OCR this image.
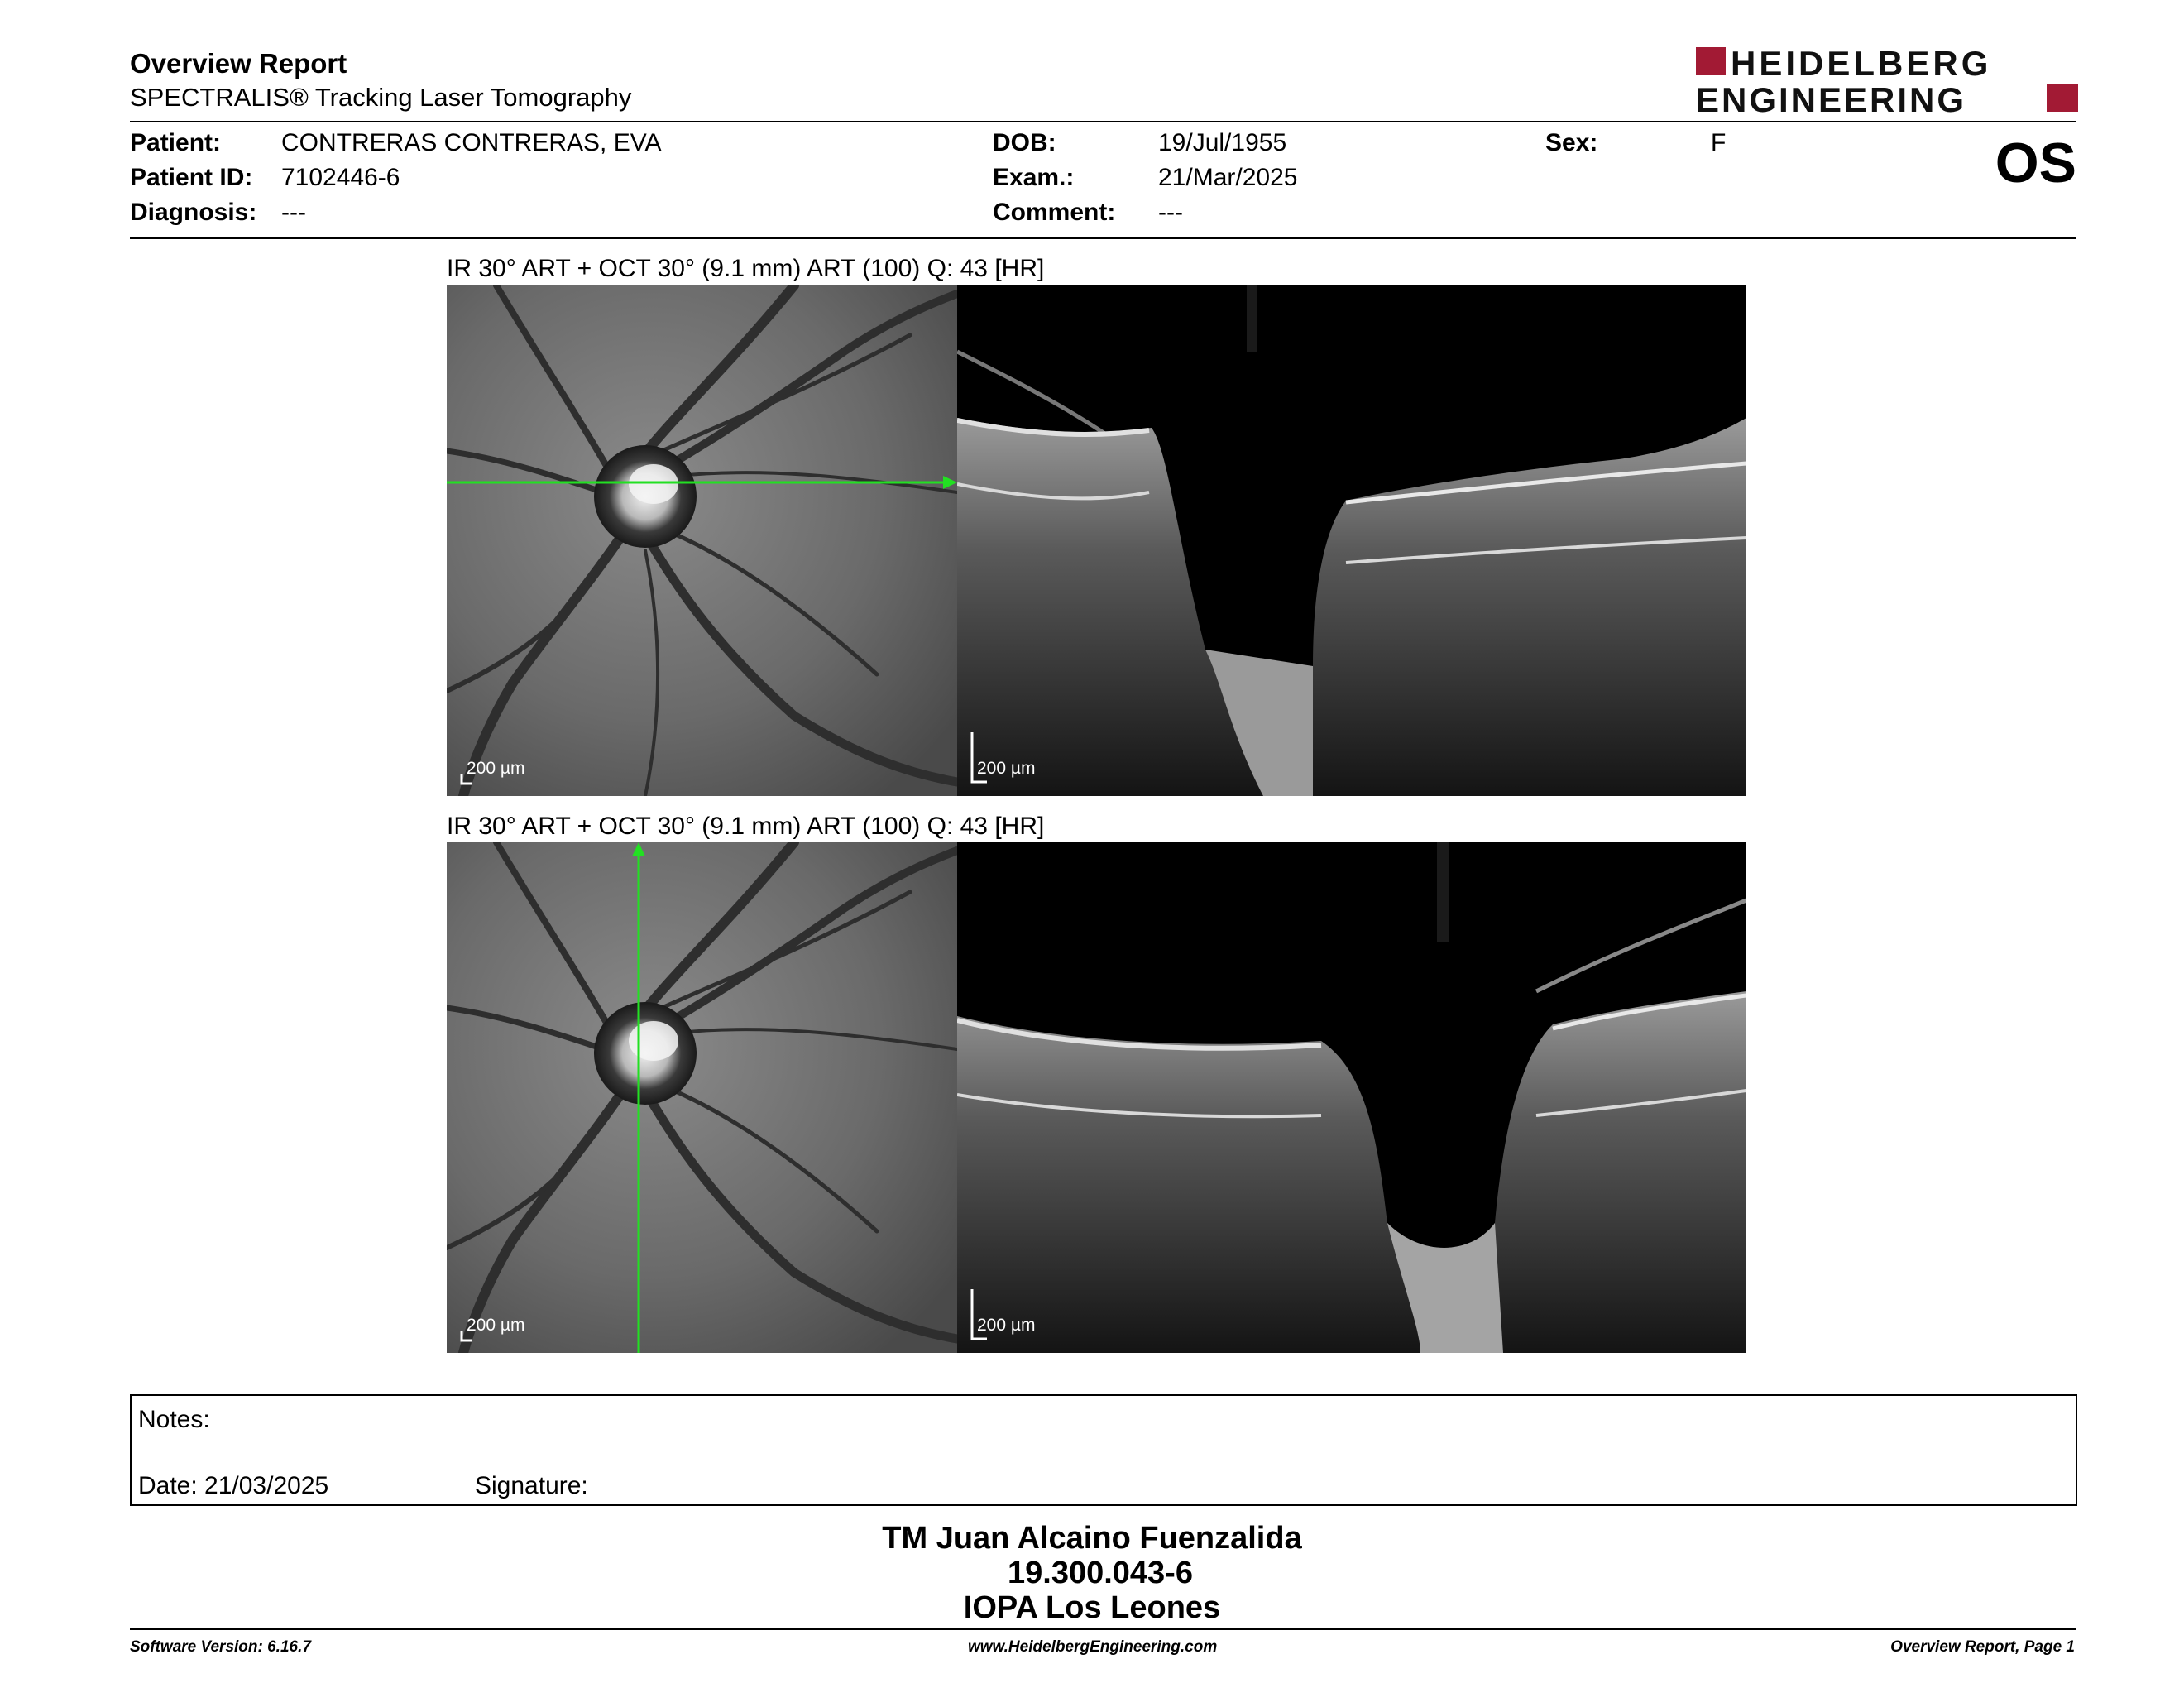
Overview Report
SPECTRALIS® Tracking Laser Tomography
HEIDELBERG
ENGINEERING
Patient: CONTRERAS CONTRERAS, EVA
Patient ID: 7102446-6
Diagnosis: ---
DOB:	19/Jul/1955
Exam.:	21/Mar/2025
Comment: ---
Sex:	F	OS
IR 30° ART + OCT 30° (9.1 mm) ART (100) Q: 43 [HR]
200 µm	200 µm
IR 30° ART + OCT 30° (9.1 mm) ART (100) Q: 43 [HR]
200 µm	200 µm
Notes:
Date: 21/03/2025	Signature:
TM Juan Alcaino Fuenzalida
19.300.043-6
IOPA Los Leones
Software Version: 6.16.7	www.HeidelbergEngineering.com	Overview Report, Page 1
